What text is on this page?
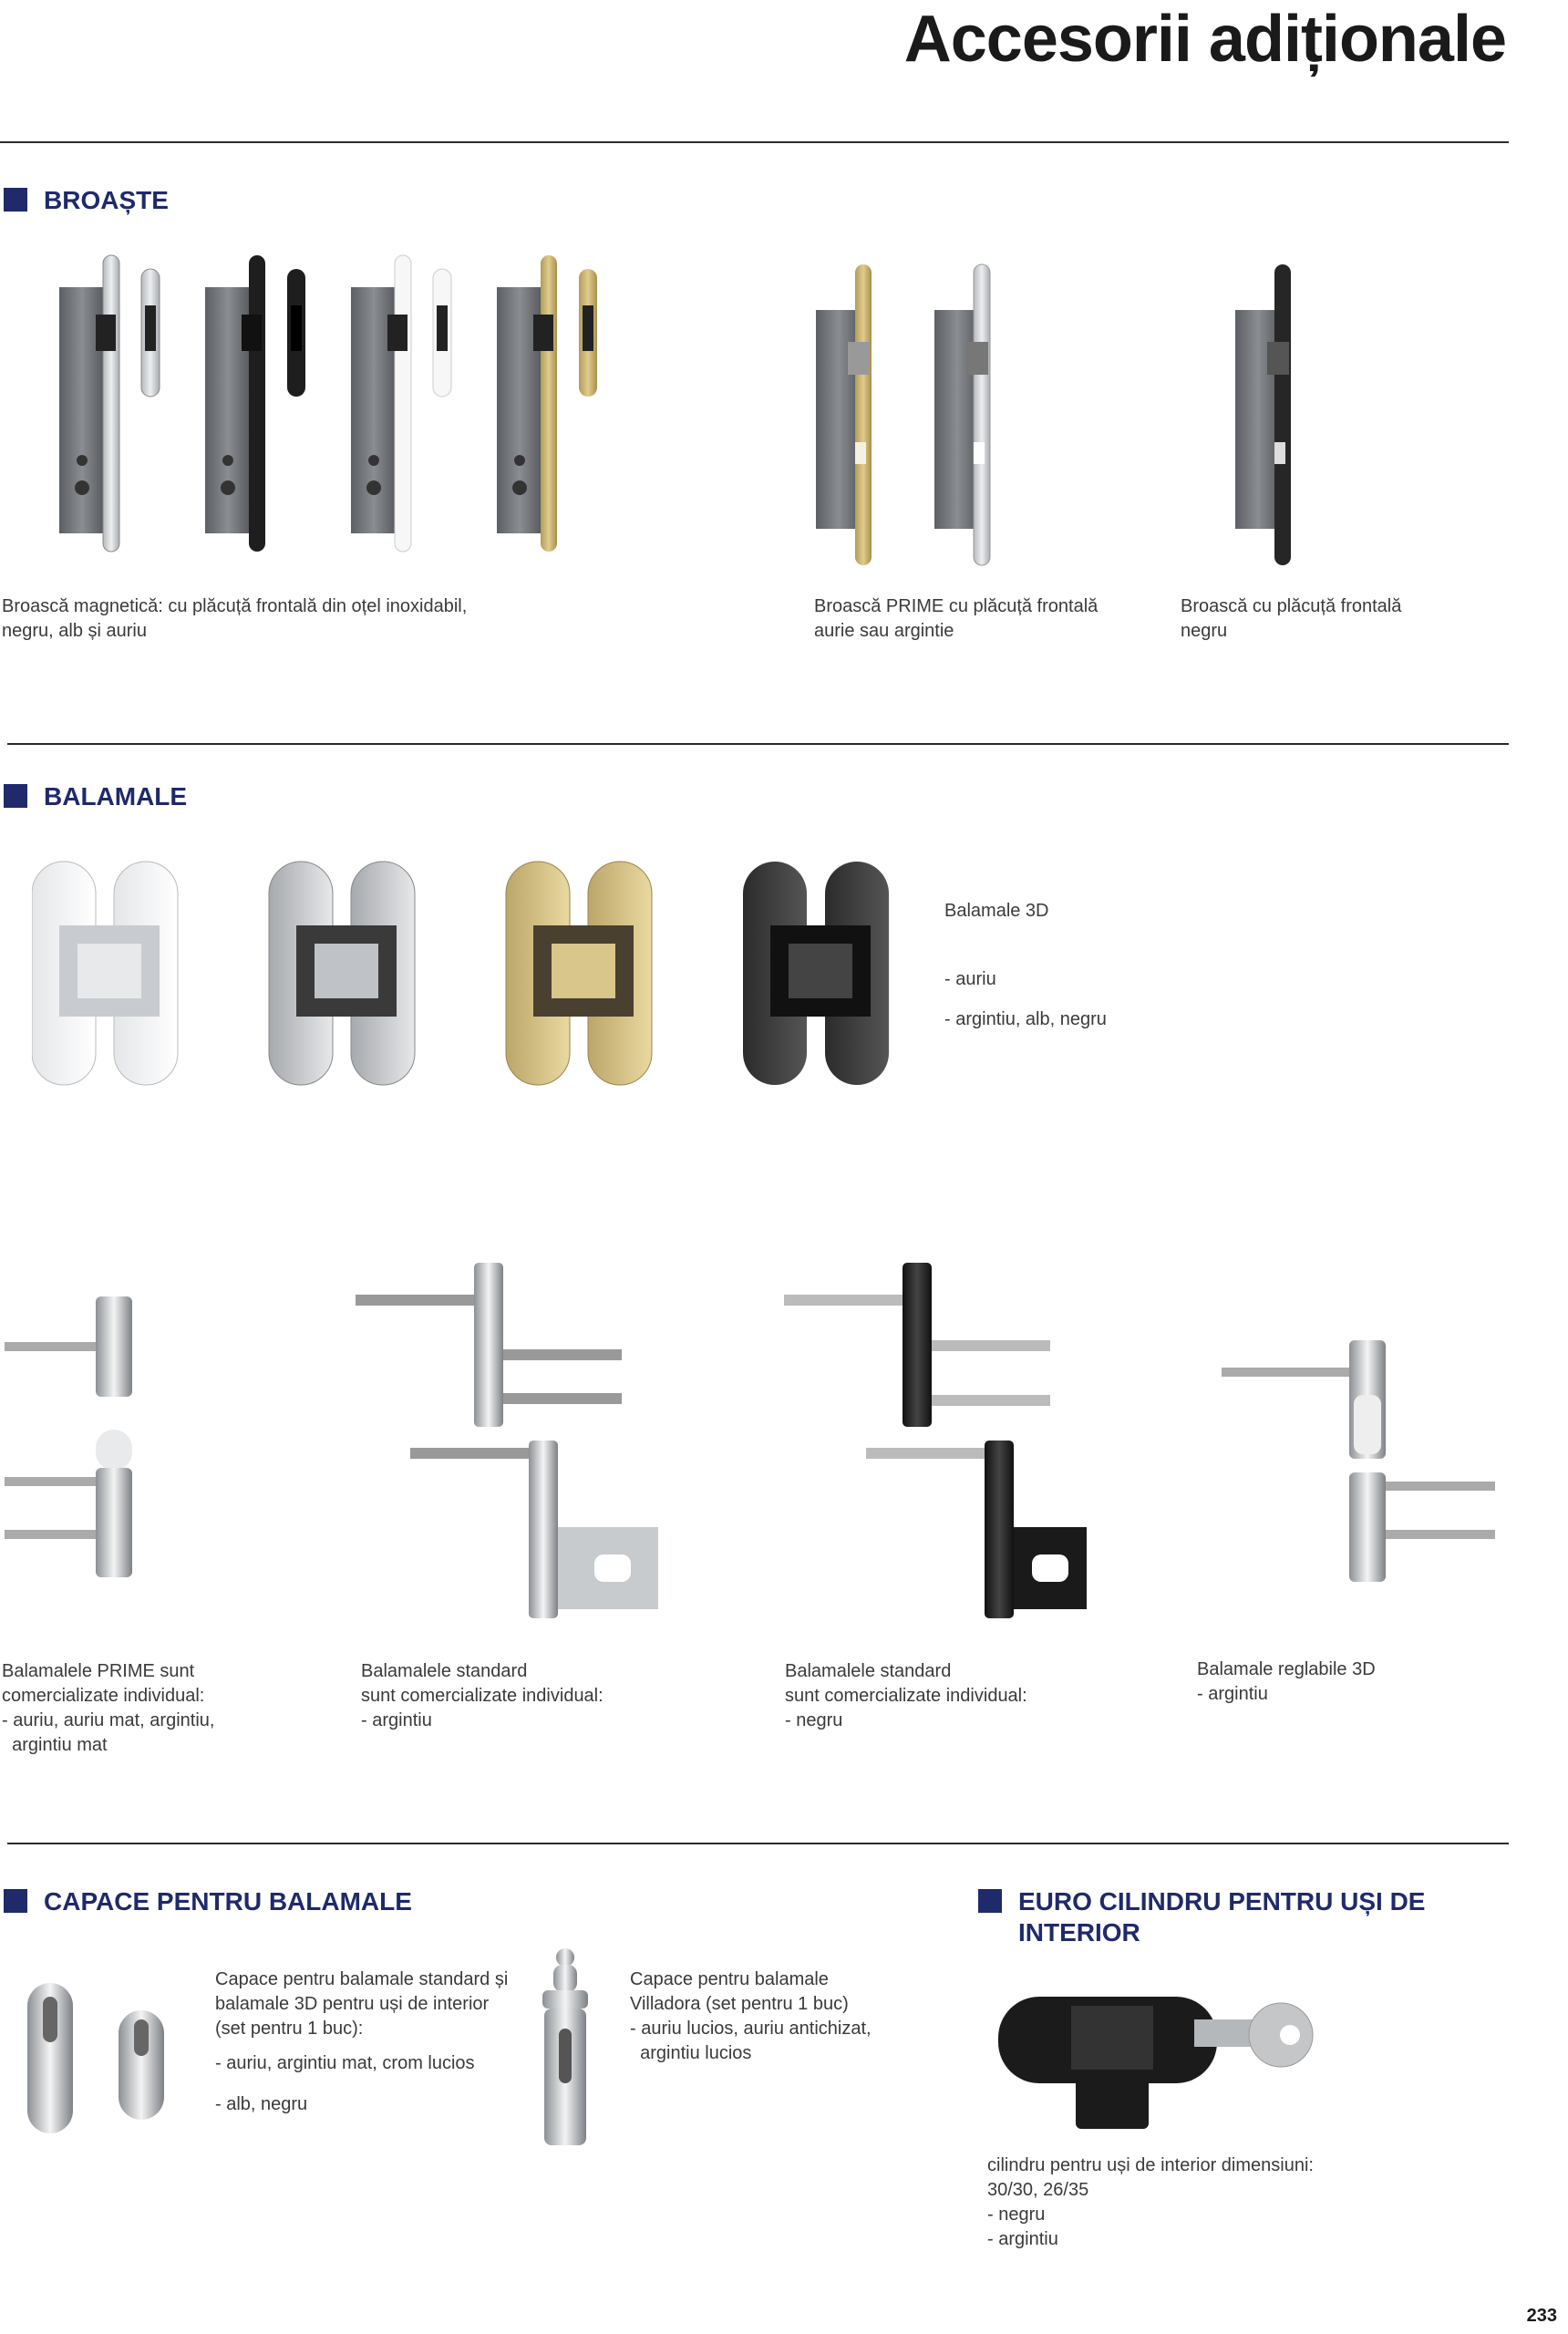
Accesorii adiționale
BROAȘTE

Broască magnetică: cu plăcuță frontală din oțel inoxidabil,

negru, alb și auriu

Broască PRIME cu plăcuță frontală

aurie sau argintie

Broască cu plăcuță frontală

negru

BALAMALE

Balamale 3D

- auriu

- argintiu, alb, negru

Balamalele PRIME sunt

comercializate individual:

- auriu, auriu mat, argintiu,

argintiu mat

Balamalele standard

sunt comercializate individual:

- argintiu

Balamalele standard

sunt comercializate individual:

- negru

Balamale reglabile 3D

- argintiu

CAPACE PENTRU BALAMALE

Capace pentru balamale standard și

balamale 3D pentru uși de interior

(set pentru 1 buc):

- auriu, argintiu mat, crom lucios

- alb, negru

Capace pentru balamale

Villadora (set pentru 1 buc)

- auriu lucios, auriu antichizat,

argintiu lucios

EURO CILINDRU PENTRU UȘI DE
INTERIOR

cilindru pentru uși de interior dimensiuni:

30/30, 26/35

- negru

- argintiu

233
